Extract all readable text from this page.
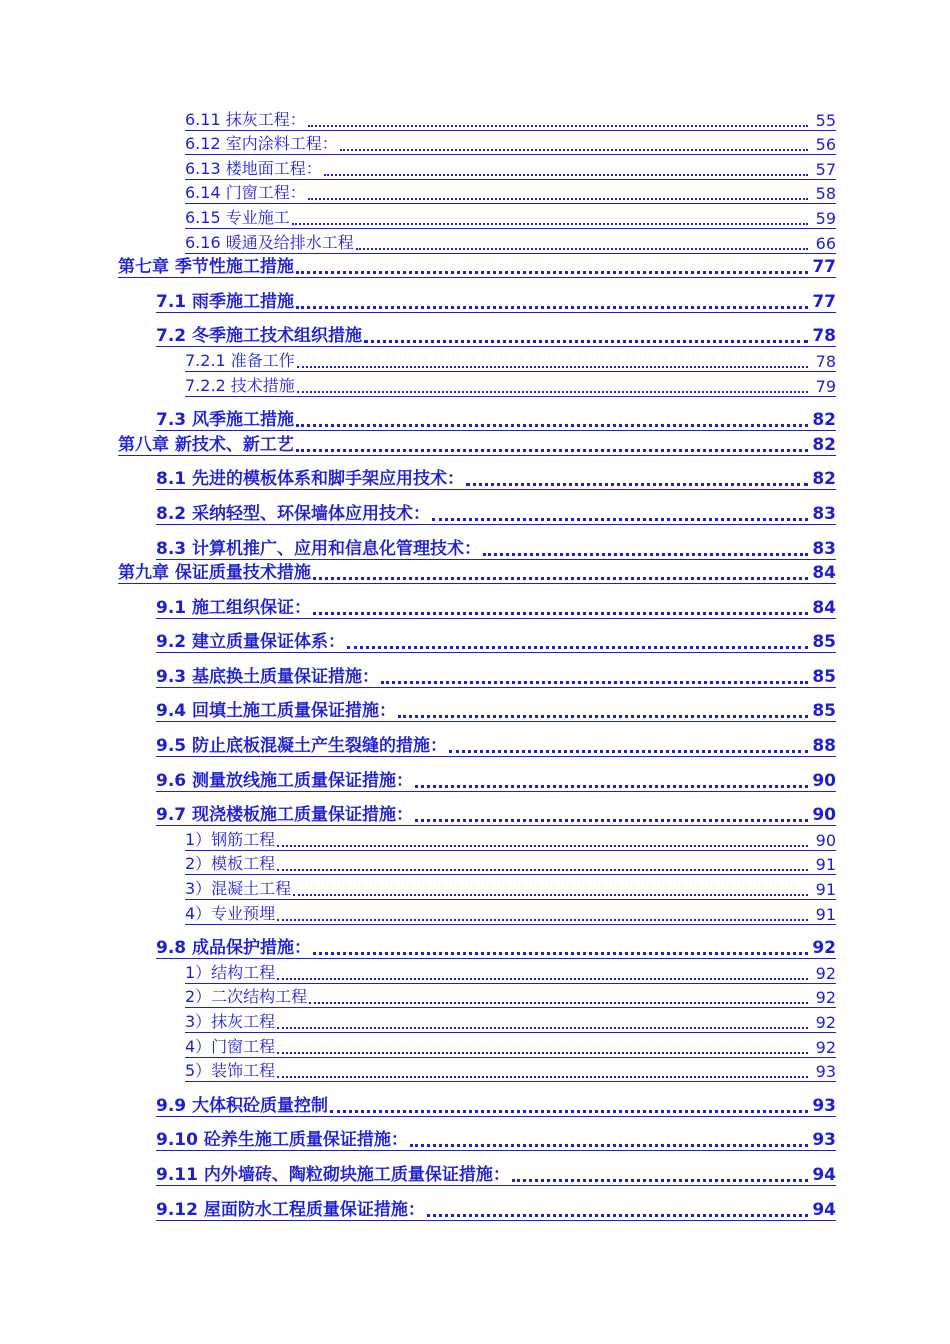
6.11 抹灰工程：	55
6.12 室内涂料工程：	56
6.13 楼地面工程：	57
6.14 门窗工程：	58
6.15 专业施工	59
6.16 暖通及给排水工程	66
第七章 季节性施工措施	77
7.1 雨季施工措施	77
7.2 冬季施工技术组织措施	78
7.2.1 准备工作	78
7.2.2 技术措施	79
7.3 风季施工措施	82
第八章 新技术、新工艺	82
8.1 先进的模板体系和脚手架应用技术：	82
8.2 采纳轻型、环保墙体应用技术：	83
8.3 计算机推广、应用和信息化管理技术：	83
第九章 保证质量技术措施	84
9.1 施工组织保证：	84
9.2 建立质量保证体系：	85
9.3 基底换土质量保证措施：	85
9.4 回填土施工质量保证措施：	85
9.5 防止底板混凝土产生裂缝的措施：	88
9.6 测量放线施工质量保证措施：	90
9.7 现浇楼板施工质量保证措施：	90
1）钢筋工程	90
2）模板工程	91
3）混凝土工程	91
4）专业预埋	91
9.8 成品保护措施：	92
1）结构工程	92
2）二次结构工程	92
3）抹灰工程	92
4）门窗工程	92
5）装饰工程	93
9.9 大体积砼质量控制	93
9.10 砼养生施工质量保证措施：	93
9.11 内外墙砖、陶粒砌块施工质量保证措施：	94
9.12 屋面防水工程质量保证措施：	94
